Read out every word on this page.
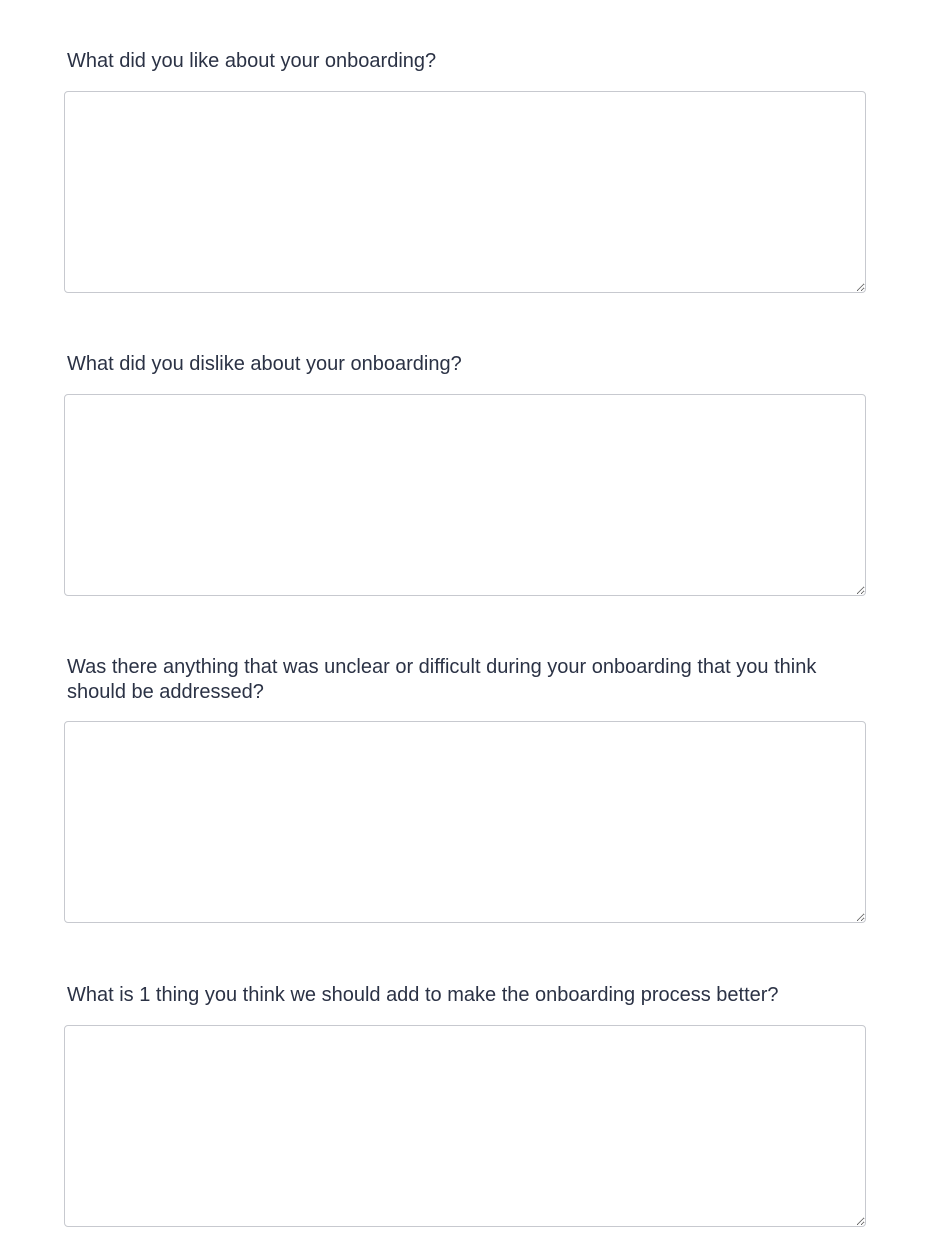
What did you like about your onboarding?
What did you dislike about your onboarding?
Was there anything that was unclear or difficult during your onboarding that you think should be addressed?
What is 1 thing you think we should add to make the onboarding process better?
